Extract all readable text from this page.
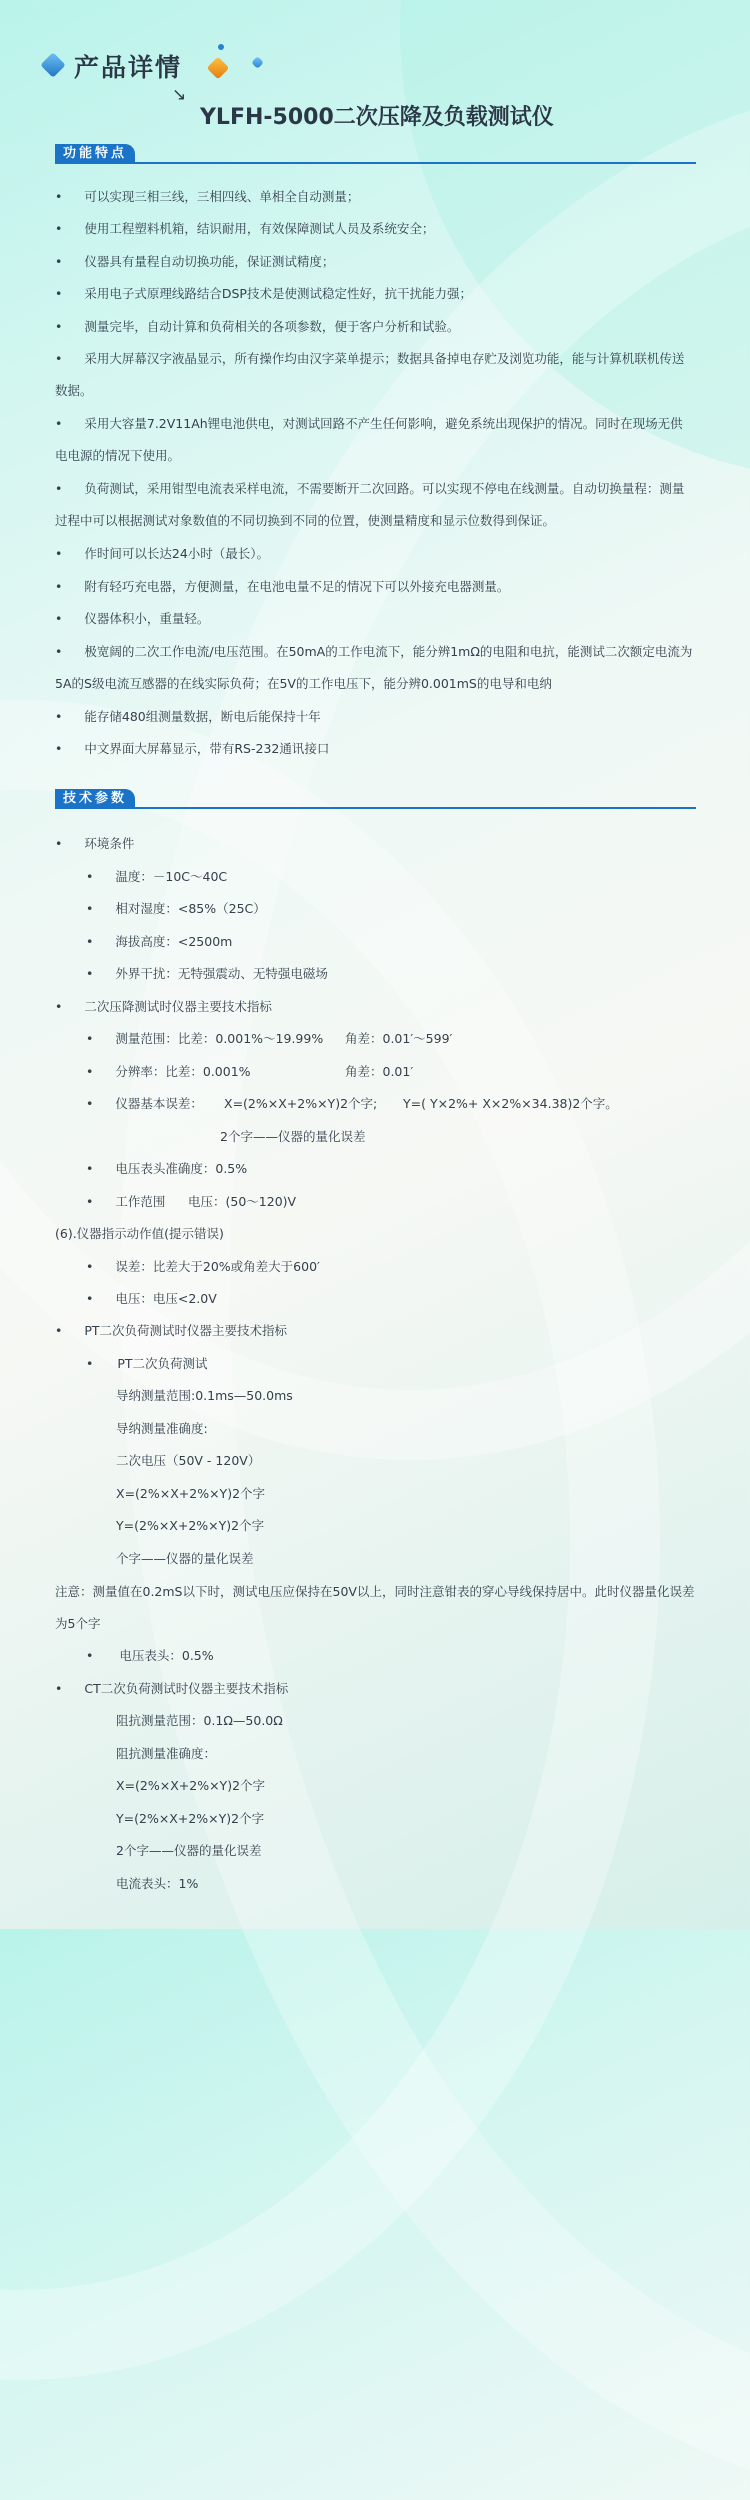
产品详情
↘
YLFH-5000二次压降及负载测试仪
功能特点
• 可以实现三相三线，三相四线、单相全自动测量；
• 使用工程塑料机箱，结识耐用，有效保障测试人员及系统安全；
• 仪器具有量程自动切换功能，保证测试精度；
• 采用电子式原理线路结合DSP技术是使测试稳定性好，抗干扰能力强；
• 测量完毕，自动计算和负荷相关的各项参数，便于客户分析和试验。
• 采用大屏幕汉字液晶显示，所有操作均由汉字菜单提示；数据具备掉电存贮及浏览功能，能与计算机联机传送数据。
• 采用大容量7.2V11Ah锂电池供电，对测试回路不产生任何影响，避免系统出现保护的情况。同时在现场无供电电源的情况下使用。
• 负荷测试，采用钳型电流表采样电流，不需要断开二次回路。可以实现不停电在线测量。自动切换量程：测量过程中可以根据测试对象数值的不同切换到不同的位置，使测量精度和显示位数得到保证。
• 作时间可以长达24小时（最长）。
• 附有轻巧充电器，方便测量，在电池电量不足的情况下可以外接充电器测量。
• 仪器体积小，重量轻。
• 极宽阔的二次工作电流/电压范围。在50mA的工作电流下，能分辨1mΩ的电阻和电抗，能测试二次额定电流为5A的S级电流互感器的在线实际负荷；在5V的工作电压下，能分辨0.001mS的电导和电纳
• 能存储480组测量数据，断电后能保持十年
• 中文界面大屏幕显示，带有RS-232通讯接口
技术参数
• 环境条件
• 温度：－10C～40C
• 相对湿度：<85%（25C）
• 海拔高度：<2500m
• 外界干扰：无特强震动、无特强电磁场
• 二次压降测试时仪器主要技术指标
• 测量范围：比差：0.001%～19.99% 角差：0.01′～599′
• 分辨率：比差：0.001%	角差：0.01′
• 仪器基本误差： X=(2%×X+2%×Y)2个字; Y=( Y×2%+ X×2%×34.38)2个字。
2个字——仪器的量化误差
• 电压表头准确度：0.5%
• 工作范围 电压：(50～120)V
(6).仪器指示动作值(提示错误)
• 误差：比差大于20%或角差大于600′
• 电压：电压<2.0V
• PT二次负荷测试时仪器主要技术指标
• PT二次负荷测试
导纳测量范围:0.1ms—50.0ms
导纳测量准确度:
二次电压（50V - 120V）
X=(2%×X+2%×Y)2个字
Y=(2%×X+2%×Y)2个字
个字——仪器的量化误差
注意：测量值在0.2mS以下时，测试电压应保持在50V以上，同时注意钳表的穿心导线保持居中。此时仪器量化误差为5个字
• 电压表头：0.5%
• CT二次负荷测试时仪器主要技术指标
阻抗测量范围：0.1Ω—50.0Ω
阻抗测量准确度：
X=(2%×X+2%×Y)2个字
Y=(2%×X+2%×Y)2个字
2个字——仪器的量化误差
电流表头：1%
